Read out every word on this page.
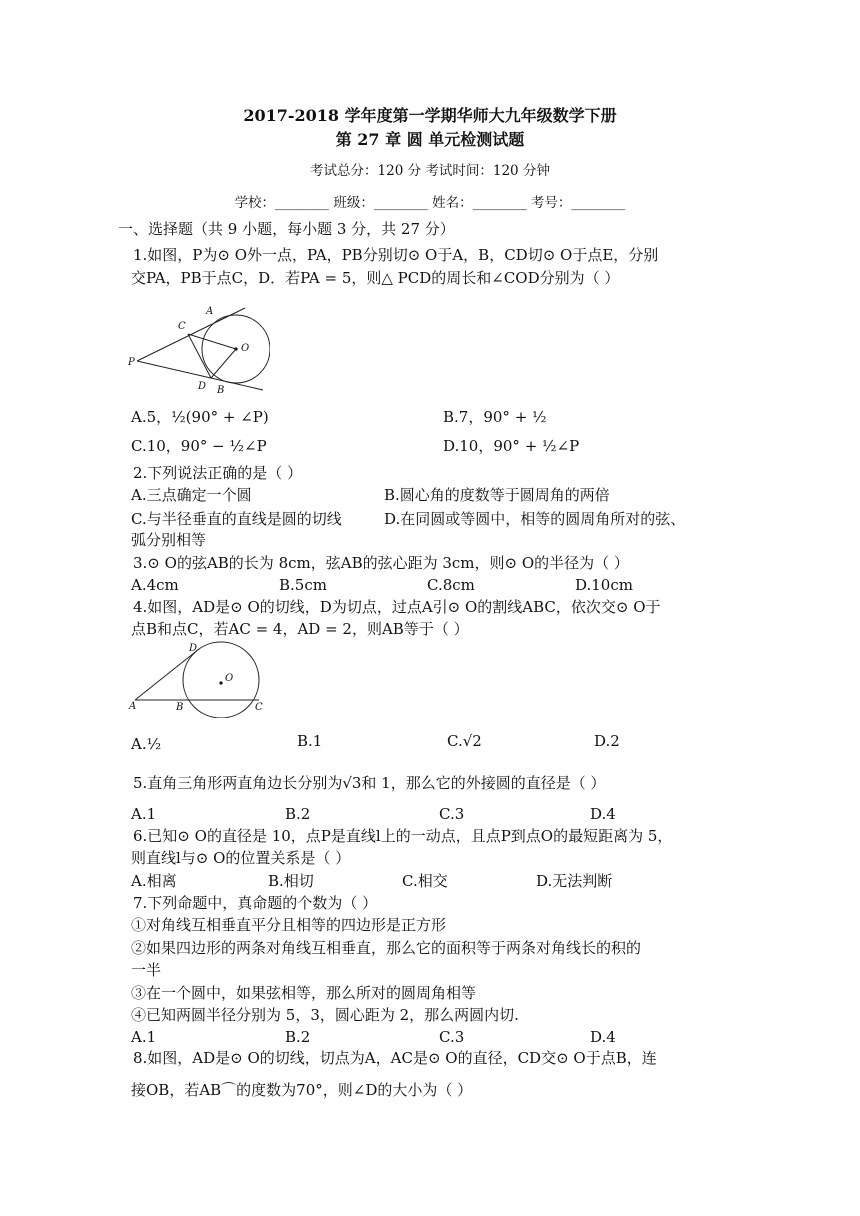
2017-2018 学年度第一学期华师大九年级数学下册
第 27 章 圆 单元检测试题
考试总分：120 分 考试时间：120 分钟
学校：________ 班级：________ 姓名：________ 考号：________
一、选择题（共 9 小题，每小题 3 分，共 27 分）
1.如图，P为⊙ O外一点，PA，PB分别切⊙ O于A，B，CD切⊙ O于点E，分别
交PA，PB于点C，D．若PA = 5，则△ PCD的周长和∠COD分别为（ ）
P
A
C
O
D B
A.5，½(90° + ∠P)	B.7，90° + ½
C.10，90° − ½∠P	D.10，90° + ½∠P
2.下列说法正确的是（ ）
A.三点确定一个圆	B.圆心角的度数等于圆周角的两倍
C.与半径垂直的直线是圆的切线	D.在同圆或等圆中，相等的圆周角所对的弦、
弧分别相等
3.⊙ O的弦AB的长为 8cm，弦AB的弦心距为 3cm，则⊙ O的半径为（ ）
A.4cm	B.5cm	C.8cm	D.10cm
4.如图，AD是⊙ O的切线，D为切点，过点A引⊙ O的割线ABC，依次交⊙ O于
点B和点C，若AC = 4，AD = 2，则AB等于（ ）
D
O
A	B	C
A.½	B.1	C.√2	D.2
5.直角三角形两直角边长分别为√3和 1，那么它的外接圆的直径是（ ）
A.1	B.2	C.3	D.4
6.已知⊙ O的直径是 10，点P是直线l上的一动点，且点P到点O的最短距离为 5，
则直线l与⊙ O的位置关系是（ ）
A.相离	B.相切	C.相交	D.无法判断
7.下列命题中，真命题的个数为（ ）
①对角线互相垂直平分且相等的四边形是正方形
②如果四边形的两条对角线互相垂直，那么它的面积等于两条对角线长的积的
一半
③在一个圆中，如果弦相等，那么所对的圆周角相等
④已知两圆半径分别为 5，3，圆心距为 2，那么两圆内切.
A.1	B.2	C.3	D.4
8.如图，AD是⊙ O的切线，切点为A，AC是⊙ O的直径，CD交⊙ O于点B，连
接OB，若AB⌒的度数为70°，则∠D的大小为（ ）
